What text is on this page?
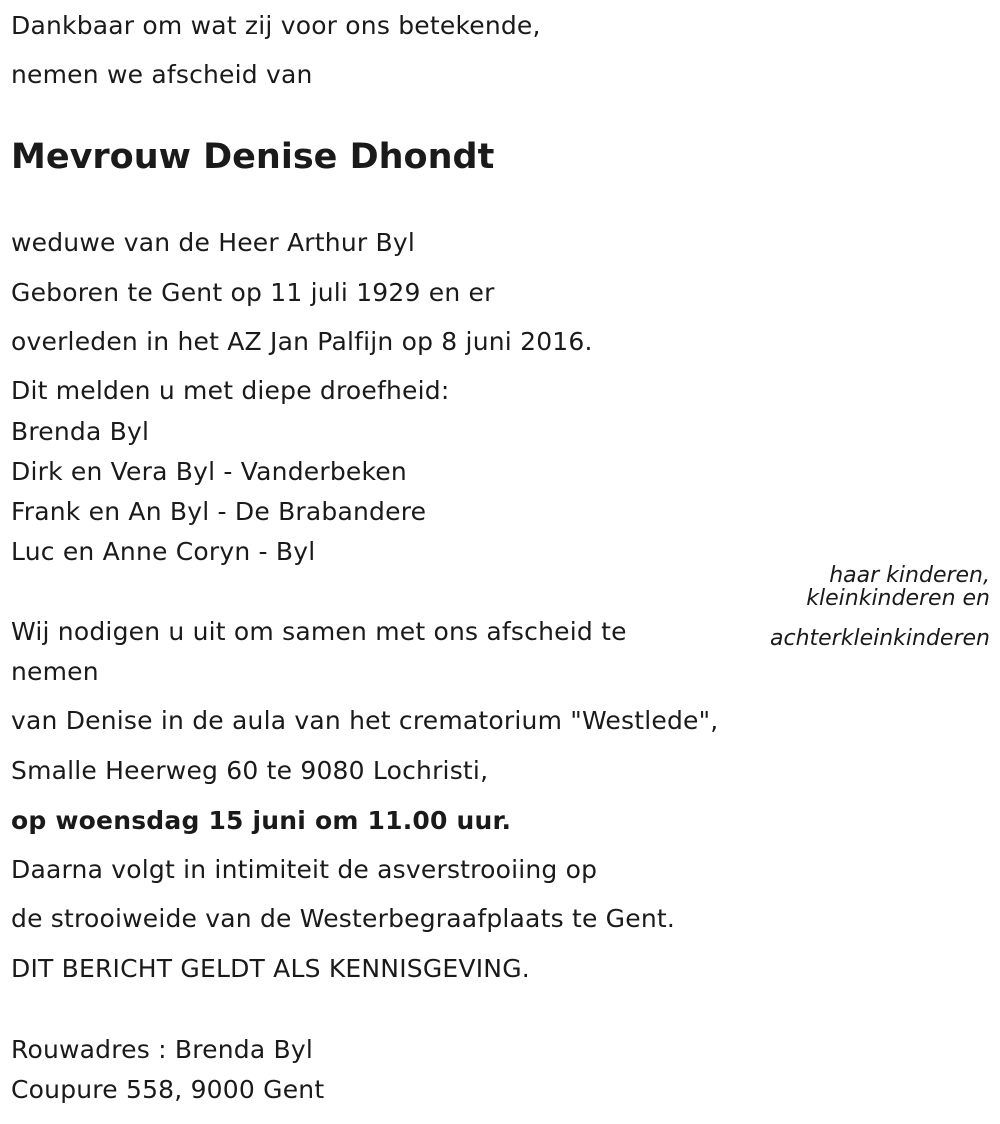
Dankbaar om wat zij voor ons betekende,
nemen we afscheid van
Mevrouw Denise Dhondt
weduwe van de Heer Arthur Byl
Geboren te Gent op 11 juli 1929 en er
overleden in het AZ Jan Palfijn op 8 juni 2016.
Dit melden u met diepe droefheid:
Brenda Byl
Dirk en Vera Byl - Vanderbeken
Frank en An Byl - De Brabandere
Luc en Anne Coryn - Byl
haar kinderen,
kleinkinderen en
achterkleinkinderen
Wij nodigen u uit om samen met ons afscheid te
nemen
van Denise in de aula van het crematorium "Westlede",
Smalle Heerweg 60 te 9080 Lochristi,
op woensdag 15 juni om 11.00 uur.
Daarna volgt in intimiteit de asverstrooiing op
de strooiweide van de Westerbegraafplaats te Gent.
DIT BERICHT GELDT ALS KENNISGEVING.
Rouwadres : Brenda Byl
Coupure 558, 9000 Gent
